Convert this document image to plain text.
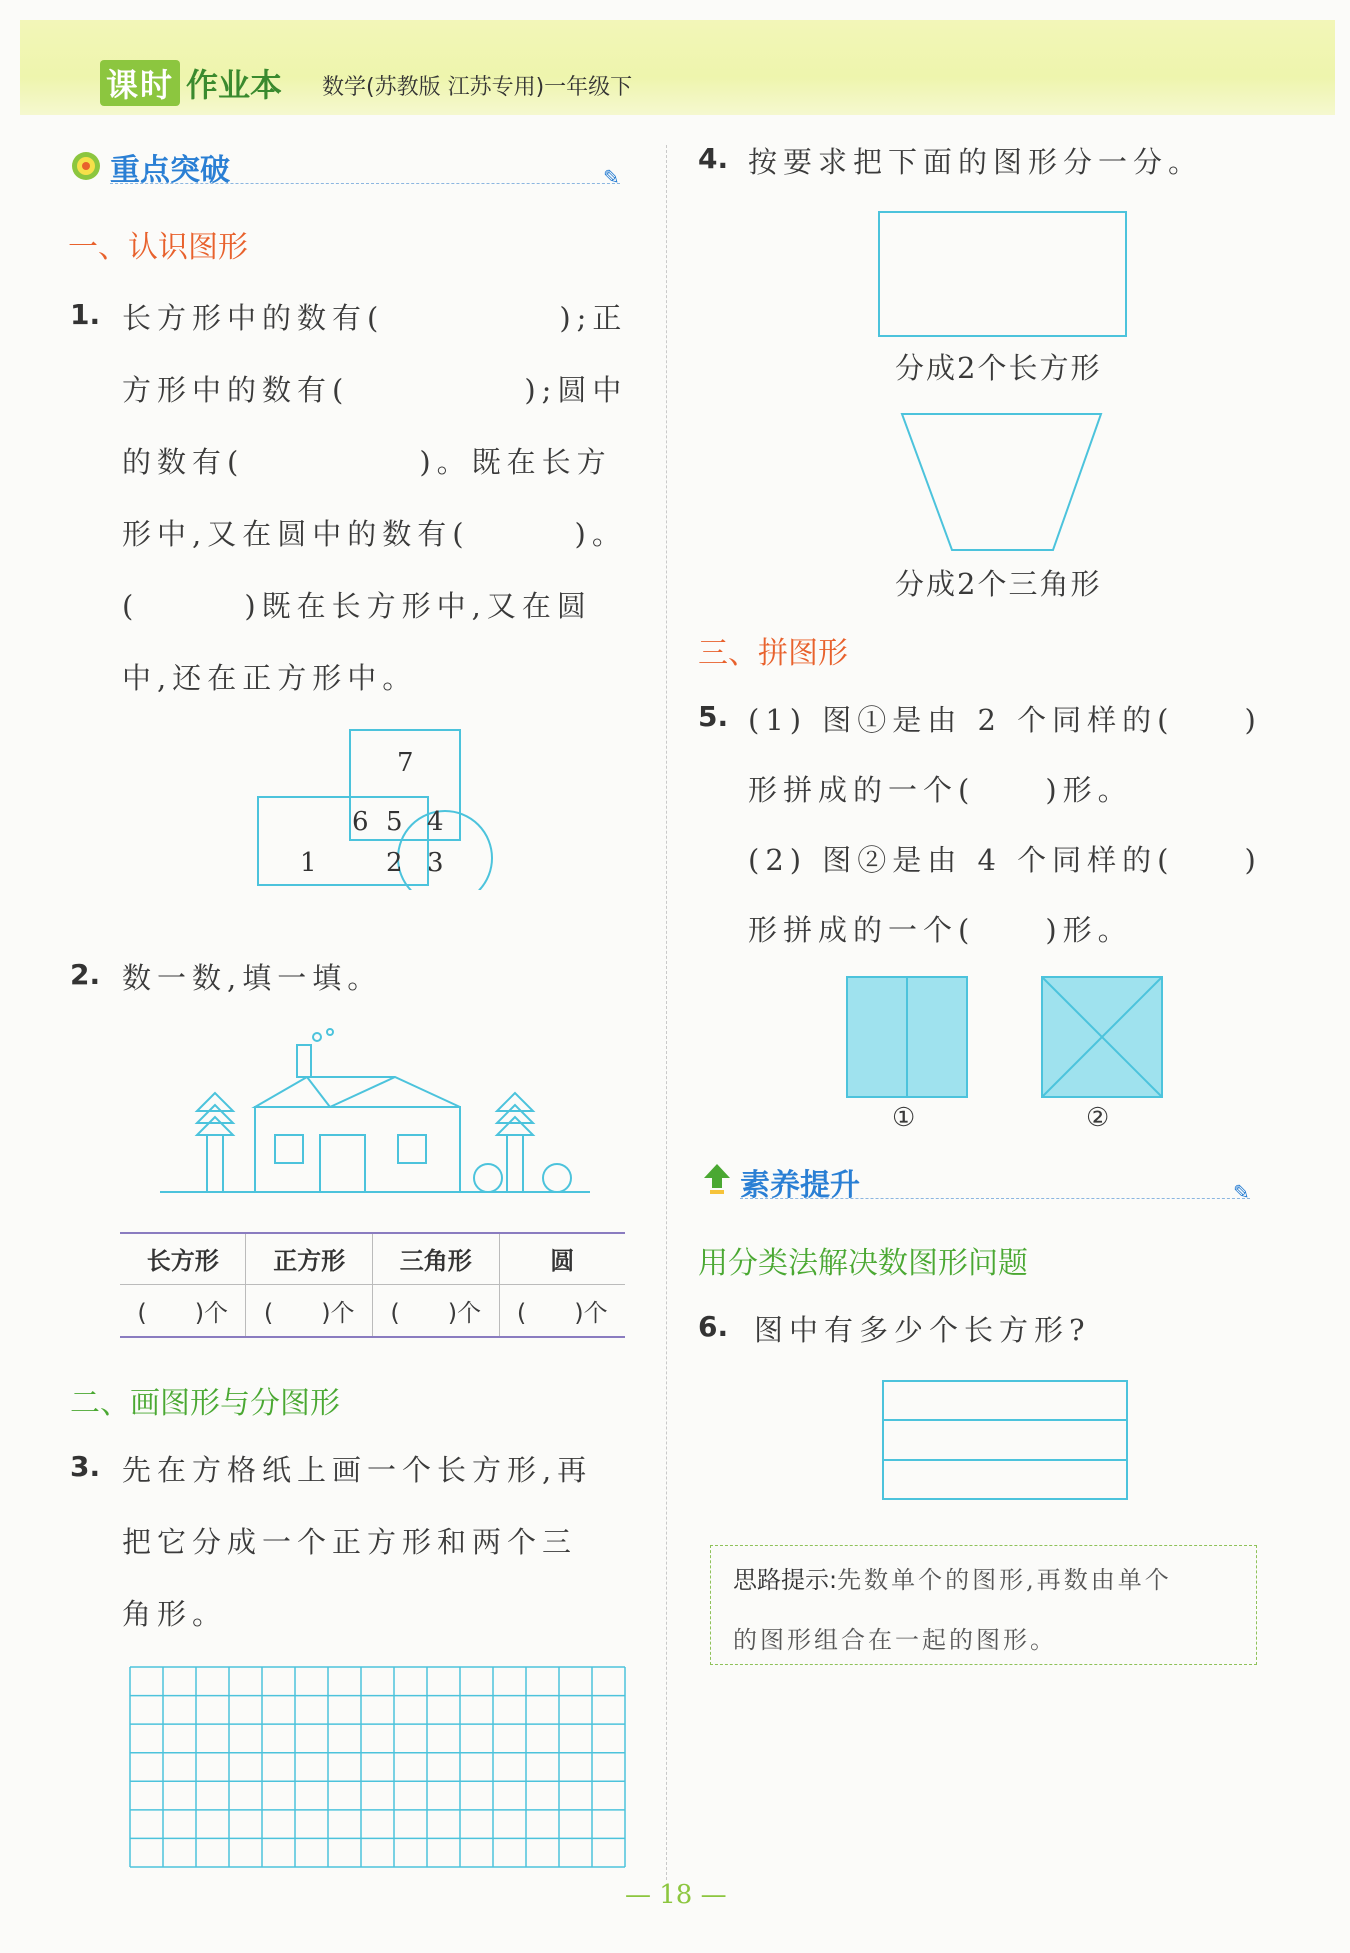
课时 作业本 数学(苏教版 江苏专用)一年级下
重点突破	✎
一、认识图形
1. 长方形中的数有(　　　　　);正
方形中的数有(　　　　　);圆中
的数有(　　　　　)。既在长方
形中,又在圆中的数有(　　　)。
(　　　)既在长方形中,又在圆
中,还在正方形中。
7
6 5 4
1	2 3
2. 数一数,填一填。
长方形	正方形	三角形	圆
(　　)个	(　　)个	(　　)个	(　　)个
二、画图形与分图形
3. 先在方格纸上画一个长方形,再
把它分成一个正方形和两个三
角形。
4. 按要求把下面的图形分一分。
分成2个长方形
分成2个三角形
三、拼图形
5. (1) 图①是由 2 个同样的(　　)
形拼成的一个(　　)形。
(2) 图②是由 4 个同样的(　　)
形拼成的一个(　　)形。
①	②
素养提升	✎
用分类法解决数图形问题
6. 图中有多少个长方形?
思路提示:先数单个的图形,再数由单个
的图形组合在一起的图形。
— 18 —
